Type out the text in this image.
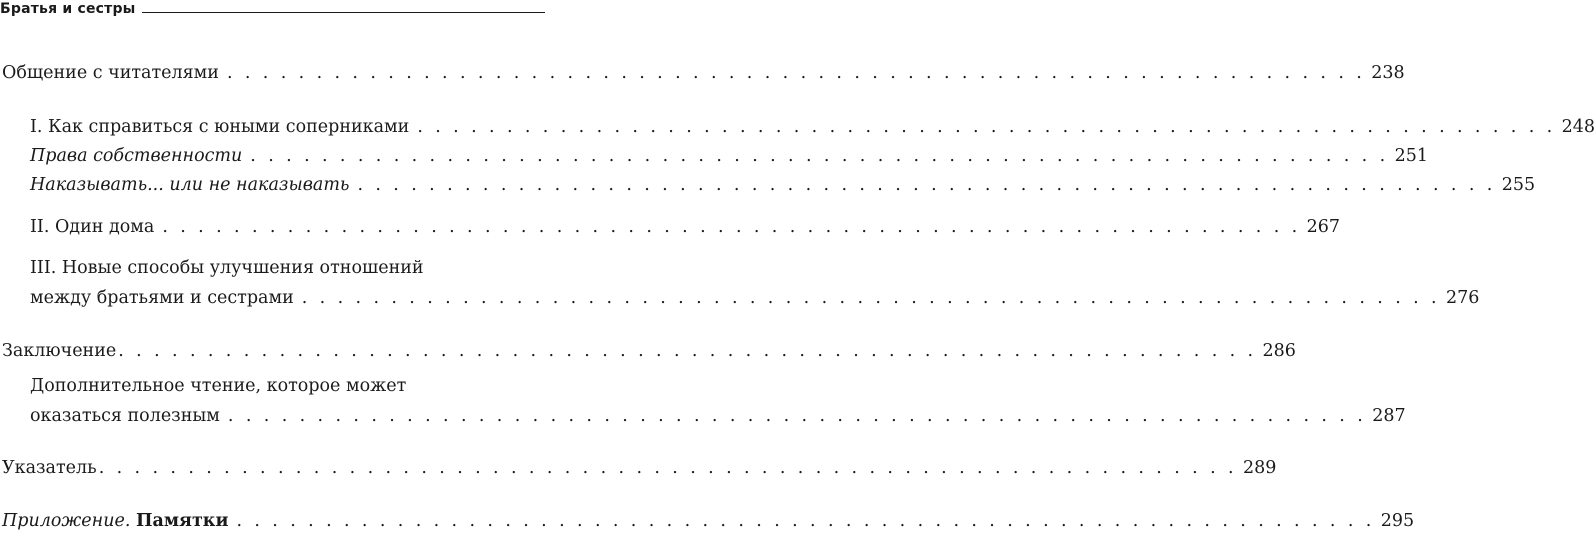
Братья и сестры
Общение с читателями . . . . . . . . . . . . . . . . . . . . . . . . . . . . . . . . . . . . . . . . . . . . . . . . . . . . . . . . . . . . . . . . 238
I. Как справиться с юными соперниками . . . . . . . . . . . . . . . . . . . . . . . . . . . . . . . . . . . . . . . . . . . . . . . . . . . . . . . . . . . . . . . . 248
Права собственности . . . . . . . . . . . . . . . . . . . . . . . . . . . . . . . . . . . . . . . . . . . . . . . . . . . . . . . . . . . . . . . . 251
Наказывать... или не наказывать . . . . . . . . . . . . . . . . . . . . . . . . . . . . . . . . . . . . . . . . . . . . . . . . . . . . . . . . . . . . . . . . 255
II. Один дома . . . . . . . . . . . . . . . . . . . . . . . . . . . . . . . . . . . . . . . . . . . . . . . . . . . . . . . . . . . . . . . . 267
III. Новые способы улучшения отношений
между братьями и сестрами . . . . . . . . . . . . . . . . . . . . . . . . . . . . . . . . . . . . . . . . . . . . . . . . . . . . . . . . . . . . . . . . 276
Заключение . . . . . . . . . . . . . . . . . . . . . . . . . . . . . . . . . . . . . . . . . . . . . . . . . . . . . . . . . . . . . . . . 286
Дополнительное чтение, которое может
оказаться полезным . . . . . . . . . . . . . . . . . . . . . . . . . . . . . . . . . . . . . . . . . . . . . . . . . . . . . . . . . . . . . . . . 287
Указатель . . . . . . . . . . . . . . . . . . . . . . . . . . . . . . . . . . . . . . . . . . . . . . . . . . . . . . . . . . . . . . . . 289
Приложение. Памятки . . . . . . . . . . . . . . . . . . . . . . . . . . . . . . . . . . . . . . . . . . . . . . . . . . . . . . . . . . . . . . . . 295
